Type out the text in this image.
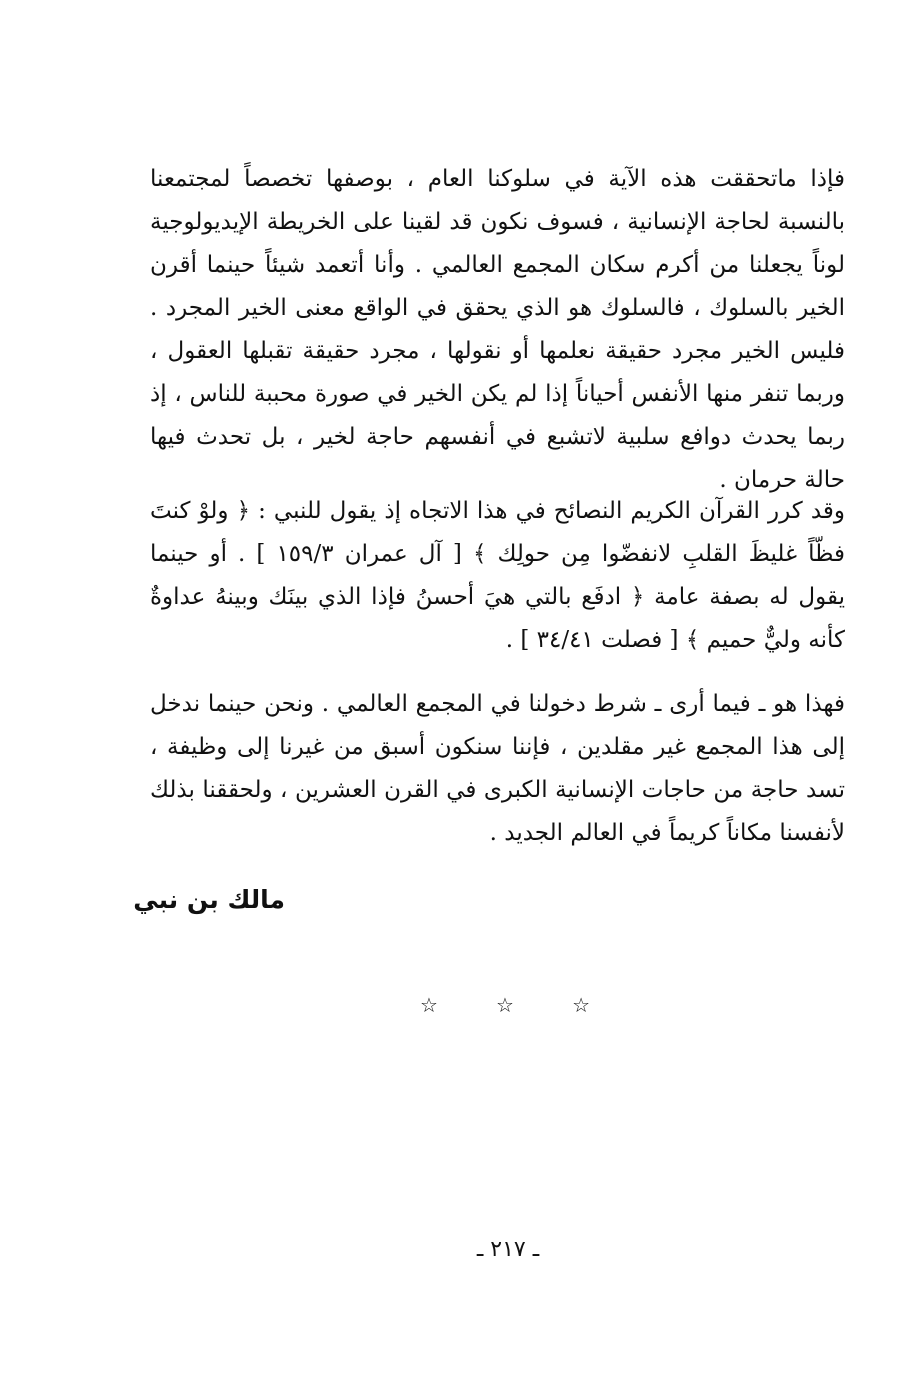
فإذا ماتحققت هذه الآية في سلوكنا العام ، بوصفها تخصصاً لمجتمعنا بالنسبة لحاجة الإنسانية ، فسوف نكون قد لقينا على الخريطة الإيديولوجية لوناً يجعلنا من أكرم سكان المجمع العالمي . وأنا أتعمد شيئاً حينما أقرن الخير بالسلوك ، فالسلوك هو الذي يحقق في الواقع معنى الخير المجرد . فليس الخير مجرد حقيقة نعلمها أو نقولها ، مجرد حقيقة تقبلها العقول ، وربما تنفر منها الأنفس أحياناً إذا لم يكن الخير في صورة محببة للناس ، إذ ربما يحدث دوافع سلبية لاتشبع في أنفسهم حاجة لخير ، بل تحدث فيها حالة حرمان .

وقد كرر القرآن الكريم النصائح في هذا الاتجاه إذ يقول للنبي : ﴿ ولوْ كنتَ فظّاً غليظَ القلبِ لانفضّوا مِن حولِك ﴾ [ آل عمران ١٥٩/٣ ] . أو حينما يقول له بصفة عامة ﴿ ادفَع بالتي هيَ أحسنُ فإذا الذي بينَك وبينهُ عداوةٌ كأنه وليٌّ حميم ﴾ [ فصلت ٣٤/٤١ ] .

فهذا هو ـ فيما أرى ـ شرط دخولنا في المجمع العالمي . ونحن حينما ندخل إلى هذا المجمع غير مقلدين ، فإننا سنكون أسبق من غيرنا إلى وظيفة ، تسد حاجة من حاجات الإنسانية الكبرى في القرن العشرين ، ولحققنا بذلك لأنفسنا مكاناً كريماً في العالم الجديد .

مالك بن نبي
☆	☆	☆
ـ ٢١٧ ـ
